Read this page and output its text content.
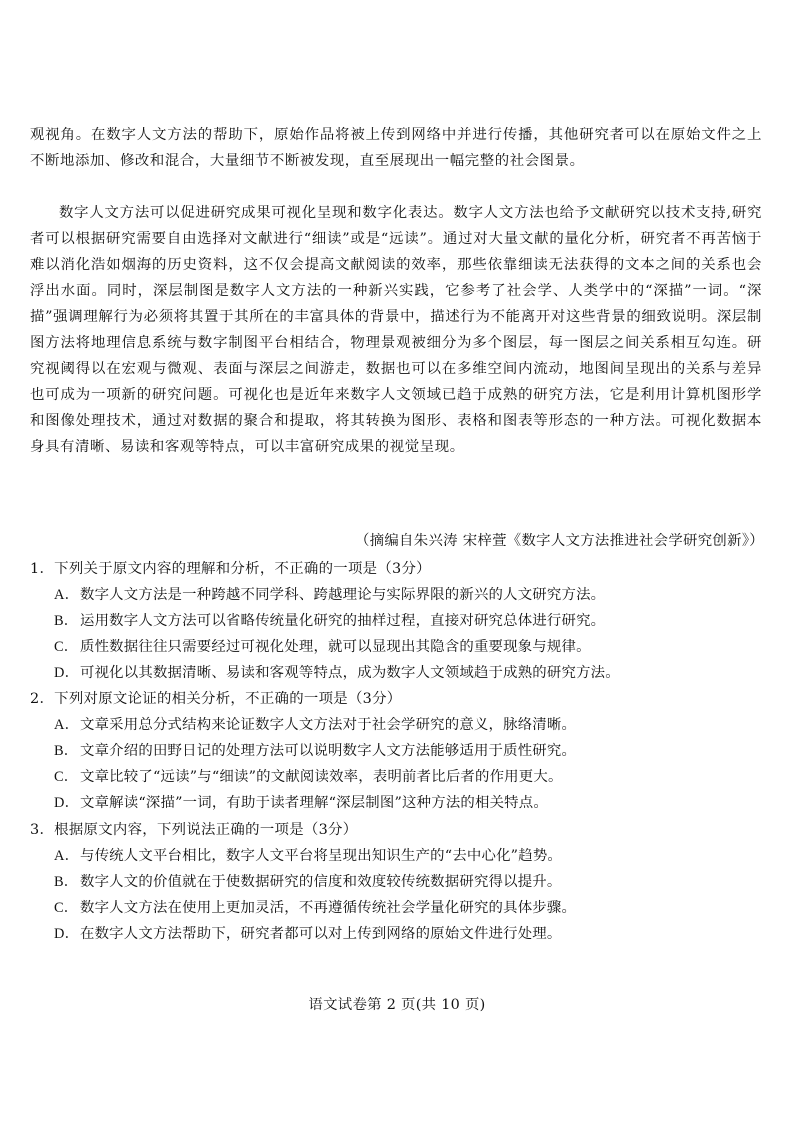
观视角。在数字人文方法的帮助下，原始作品将被上传到网络中并进行传播，其他研究者可以在原始文件之上不断地添加、修改和混合，大量细节不断被发现，直至展现出一幅完整的社会图景。

数字人文方法可以促进研究成果可视化呈现和数字化表达。数字人文方法也给予文献研究以技术支持,研究者可以根据研究需要自由选择对文献进行“细读”或是“远读”。通过对大量文献的量化分析，研究者不再苦恼于难以消化浩如烟海的历史资料，这不仅会提高文献阅读的效率，那些依靠细读无法获得的文本之间的关系也会浮出水面。同时，深层制图是数字人文方法的一种新兴实践，它参考了社会学、人类学中的“深描”一词。“深描”强调理解行为必须将其置于其所在的丰富具体的背景中，描述行为不能离开对这些背景的细致说明。深层制图方法将地理信息系统与数字制图平台相结合，物理景观被细分为多个图层，每一图层之间关系相互勾连。研究视阈得以在宏观与微观、表面与深层之间游走，数据也可以在多维空间内流动，地图间呈现出的关系与差异也可成为一项新的研究问题。可视化也是近年来数字人文领域已趋于成熟的研究方法，它是利用计算机图形学和图像处理技术，通过对数据的聚合和提取，将其转换为图形、表格和图表等形态的一种方法。可视化数据本身具有清晰、易读和客观等特点，可以丰富研究成果的视觉呈现。

（摘编自朱兴涛 宋梓萱《数字人文方法推进社会学研究创新》）
1．下列关于原文内容的理解和分析，不正确的一项是（3分）
A．数字人文方法是一种跨越不同学科、跨越理论与实际界限的新兴的人文研究方法。
B． 运用数字人文方法可以省略传统量化研究的抽样过程，直接对研究总体进行研究。
C． 质性数据往往只需要经过可视化处理，就可以显现出其隐含的重要现象与规律。
D．可视化以其数据清晰、易读和客观等特点，成为数字人文领域趋于成熟的研究方法。
2．下列对原文论证的相关分析，不正确的一项是（3分）
A．文章采用总分式结构来论证数字人文方法对于社会学研究的意义，脉络清晰。
B． 文章介绍的田野日记的处理方法可以说明数字人文方法能够适用于质性研究。
C． 文章比较了“远读”与“细读”的文献阅读效率，表明前者比后者的作用更大。
D．文章解读“深描”一词，有助于读者理解“深层制图”这种方法的相关特点。
3．根据原文内容，下列说法正确的一项是（3分）
A．与传统人文平台相比，数字人文平台将呈现出知识生产的“去中心化”趋势。
B． 数字人文的价值就在于使数据研究的信度和效度较传统数据研究得以提升。
C． 数字人文方法在使用上更加灵活，不再遵循传统社会学量化研究的具体步骤。
D．在数字人文方法帮助下，研究者都可以对上传到网络的原始文件进行处理。
语文试卷第 2 页(共 10 页)
